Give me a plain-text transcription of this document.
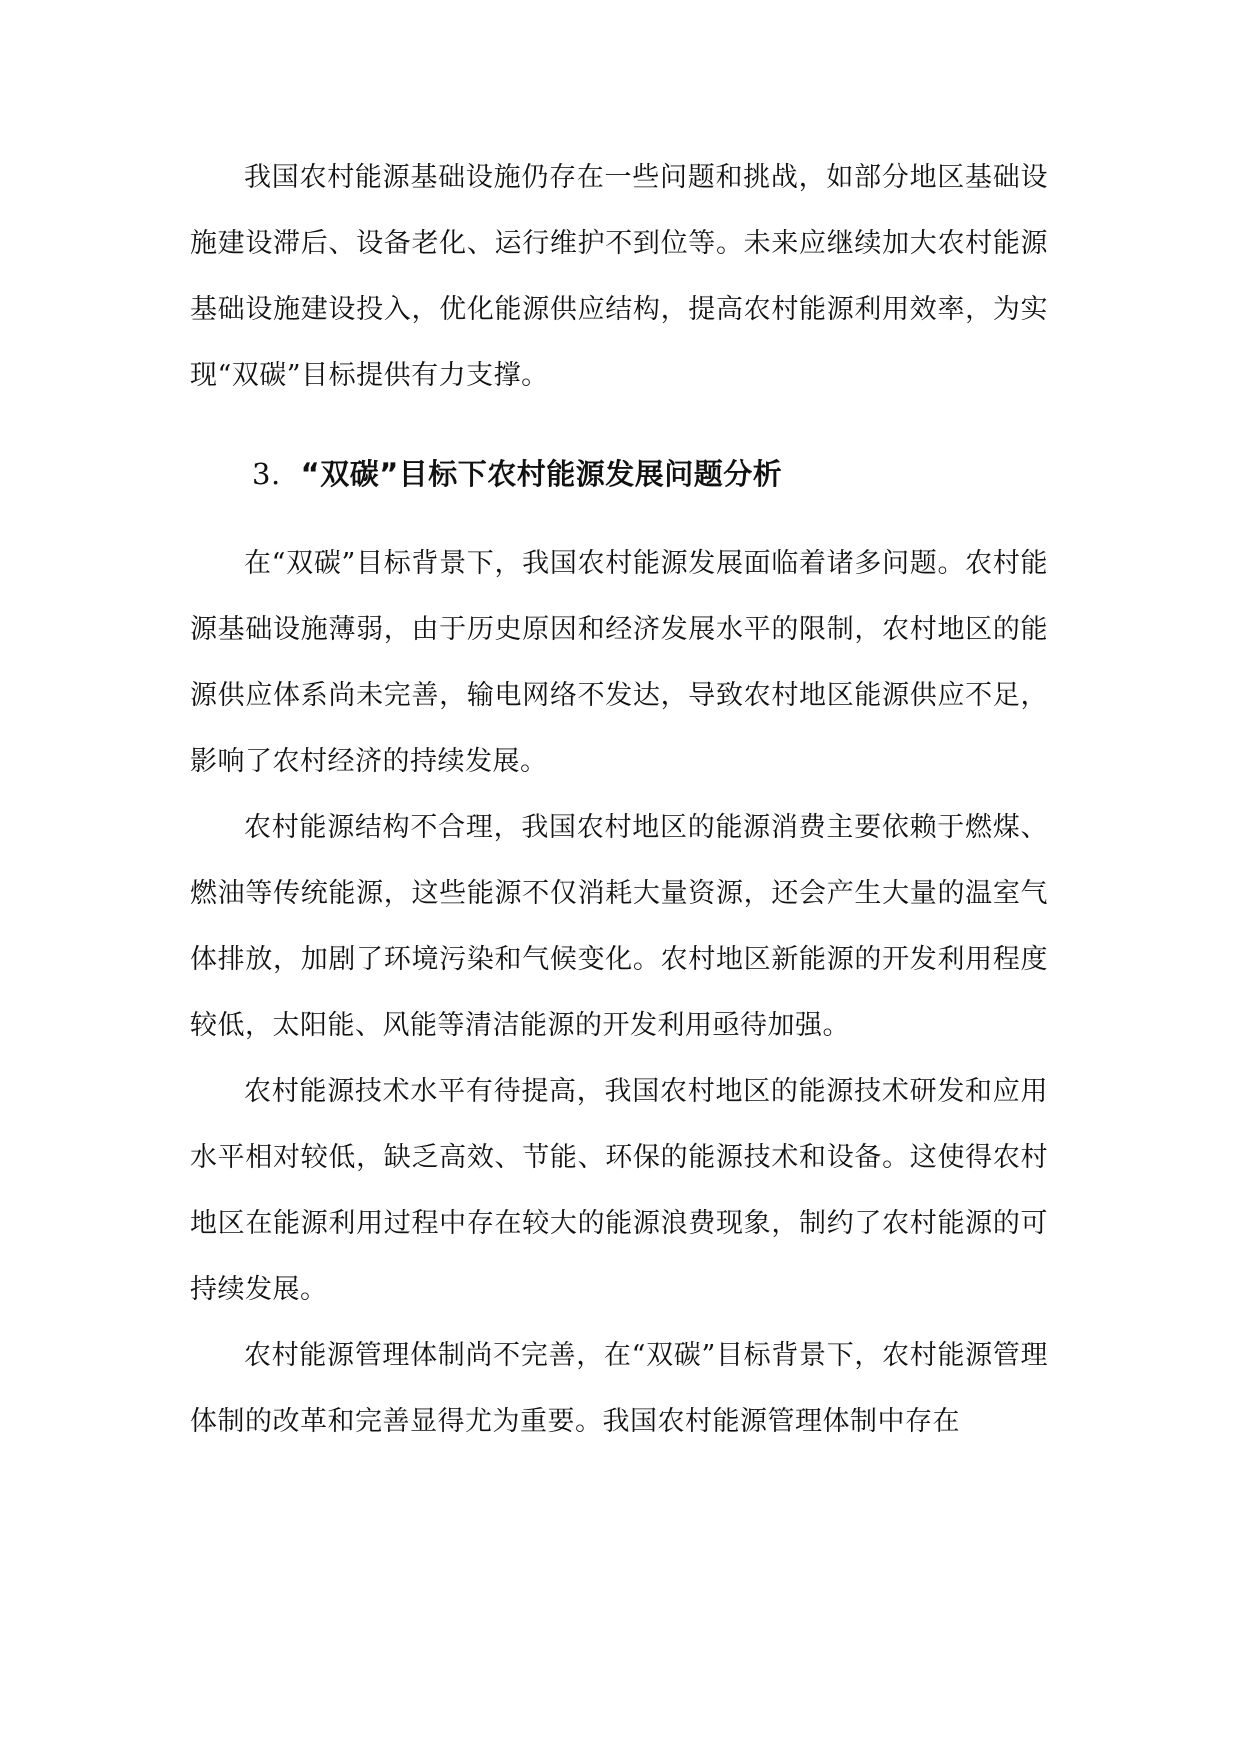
我国农村能源基础设施仍存在一些问题和挑战，如部分地区基础设施建设滞后、设备老化、运行维护不到位等。未来应继续加大农村能源基础设施建设投入，优化能源供应结构，提高农村能源利用效率，为实现“双碳”目标提供有力支撑。

3. “双碳”目标下农村能源发展问题分析

在“双碳”目标背景下，我国农村能源发展面临着诸多问题。农村能源基础设施薄弱，由于历史原因和经济发展水平的限制，农村地区的能源供应体系尚未完善，输电网络不发达，导致农村地区能源供应不足，影响了农村经济的持续发展。

农村能源结构不合理，我国农村地区的能源消费主要依赖于燃煤、燃油等传统能源，这些能源不仅消耗大量资源，还会产生大量的温室气体排放，加剧了环境污染和气候变化。农村地区新能源的开发利用程度较低，太阳能、风能等清洁能源的开发利用亟待加强。

农村能源技术水平有待提高，我国农村地区的能源技术研发和应用水平相对较低，缺乏高效、节能、环保的能源技术和设备。这使得农村地区在能源利用过程中存在较大的能源浪费现象，制约了农村能源的可持续发展。

农村能源管理体制尚不完善，在“双碳”目标背景下，农村能源管理体制的改革和完善显得尤为重要。我国农村能源管理体制中存在
